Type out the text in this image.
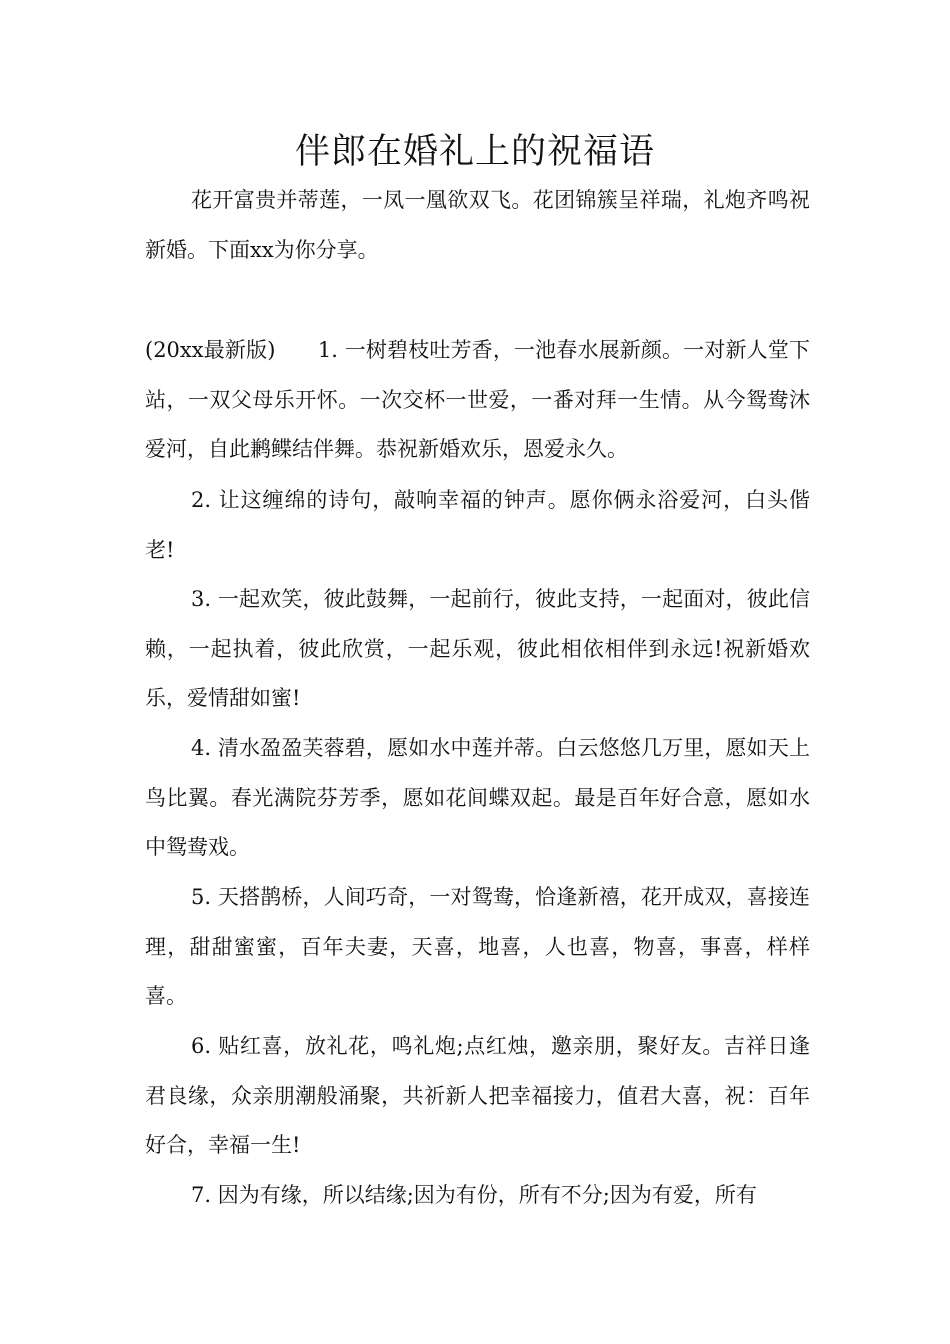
伴郎在婚礼上的祝福语

花开富贵并蒂莲，一凤一凰欲双飞。花团锦簇呈祥瑞，礼炮齐鸣祝新婚。下面xx为你分享。

(20xx最新版)　　1. 一树碧枝吐芳香，一池春水展新颜。一对新人堂下站，一双父母乐开怀。一次交杯一世爱，一番对拜一生情。从今鸳鸯沐爱河，自此鹣鲽结伴舞。恭祝新婚欢乐，恩爱永久。

2. 让这缠绵的诗句，敲响幸福的钟声。愿你俩永浴爱河，白头偕老!

3. 一起欢笑，彼此鼓舞，一起前行，彼此支持，一起面对，彼此信赖，一起执着，彼此欣赏，一起乐观，彼此相依相伴到永远!祝新婚欢乐，爱情甜如蜜!

4. 清水盈盈芙蓉碧，愿如水中莲并蒂。白云悠悠几万里，愿如天上鸟比翼。春光满院芬芳季，愿如花间蝶双起。最是百年好合意，愿如水中鸳鸯戏。

5. 天搭鹊桥，人间巧奇，一对鸳鸯，恰逢新禧，花开成双，喜接连理，甜甜蜜蜜，百年夫妻，天喜，地喜，人也喜，物喜，事喜，样样喜。

6. 贴红喜，放礼花，鸣礼炮;点红烛，邀亲朋，聚好友。吉祥日逢君良缘，众亲朋潮般涌聚，共祈新人把幸福接力，值君大喜，祝：百年好合，幸福一生!

7. 因为有缘，所以结缘;因为有份，所有不分;因为有爱，所有
